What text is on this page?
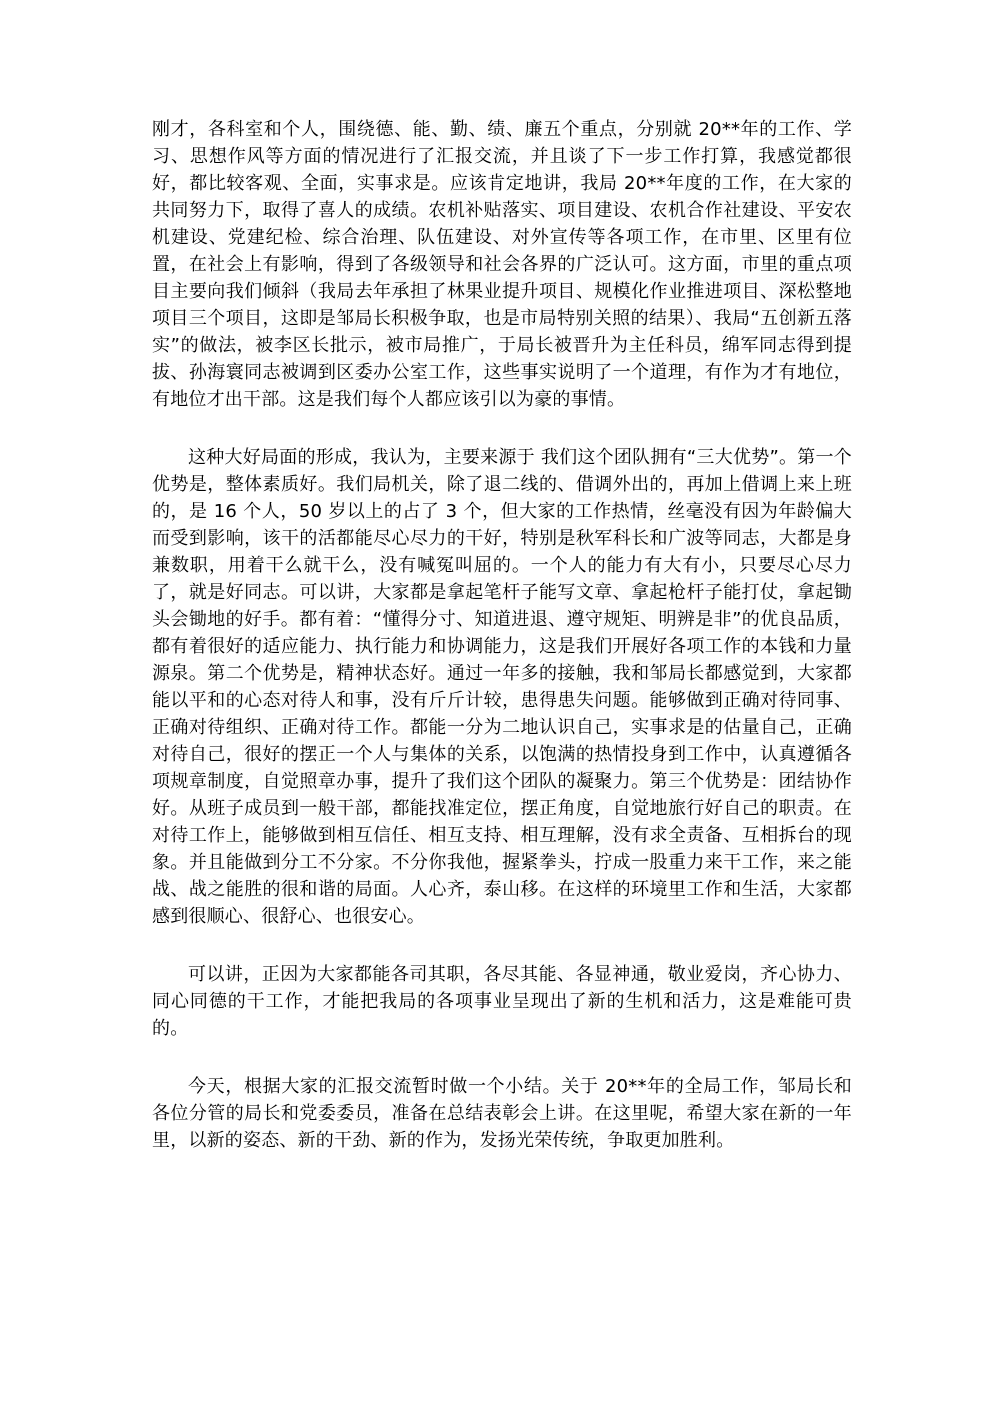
刚才，各科室和个人，围绕德、能、勤、绩、廉五个重点，分别就 20**年的工作、学习、思想作风等方面的情况进行了汇报交流，并且谈了下一步工作打算，我感觉都很好，都比较客观、全面，实事求是。应该肯定地讲，我局 20**年度的工作，在大家的共同努力下，取得了喜人的成绩。农机补贴落实、项目建设、农机合作社建设、平安农机建设、党建纪检、综合治理、队伍建设、对外宣传等各项工作，在市里、区里有位置，在社会上有影响，得到了各级领导和社会各界的广泛认可。这方面，市里的重点项目主要向我们倾斜（我局去年承担了林果业提升项目、规模化作业推进项目、深松整地项目三个项目，这即是邹局长积极争取，也是市局特别关照的结果）、我局“五创新五落实”的做法，被李区长批示，被市局推广，于局长被晋升为主任科员，绵军同志得到提拔、孙海寰同志被调到区委办公室工作，这些事实说明了一个道理，有作为才有地位，有地位才出干部。这是我们每个人都应该引以为豪的事情。

这种大好局面的形成，我认为，主要来源于 我们这个团队拥有“三大优势”。第一个优势是，整体素质好。我们局机关，除了退二线的、借调外出的，再加上借调上来上班的，是 16 个人，50 岁以上的占了 3 个，但大家的工作热情，丝毫没有因为年龄偏大而受到影响，该干的活都能尽心尽力的干好，特别是秋军科长和广波等同志，大都是身兼数职，用着干么就干么，没有喊冤叫屈的。一个人的能力有大有小，只要尽心尽力了，就是好同志。可以讲，大家都是拿起笔杆子能写文章、拿起枪杆子能打仗，拿起锄头会锄地的好手。都有着：“懂得分寸、知道进退、遵守规矩、明辨是非”的优良品质，都有着很好的适应能力、执行能力和协调能力，这是我们开展好各项工作的本钱和力量源泉。第二个优势是，精神状态好。通过一年多的接触，我和邹局长都感觉到，大家都能以平和的心态对待人和事，没有斤斤计较，患得患失问题。能够做到正确对待同事、正确对待组织、正确对待工作。都能一分为二地认识自己，实事求是的估量自己，正确对待自己，很好的摆正一个人与集体的关系，以饱满的热情投身到工作中，认真遵循各项规章制度，自觉照章办事，提升了我们这个团队的凝聚力。第三个优势是：团结协作好。从班子成员到一般干部，都能找准定位，摆正角度，自觉地旅行好自己的职责。在对待工作上，能够做到相互信任、相互支持、相互理解，没有求全责备、互相拆台的现象。并且能做到分工不分家。不分你我他，握紧拳头，拧成一股重力来干工作，来之能战、战之能胜的很和谐的局面。人心齐，泰山移。在这样的环境里工作和生活，大家都感到很顺心、很舒心、也很安心。

可以讲，正因为大家都能各司其职，各尽其能、各显神通，敬业爱岗，齐心协力、同心同德的干工作，才能把我局的各项事业呈现出了新的生机和活力，这是难能可贵的。

今天，根据大家的汇报交流暂时做一个小结。关于 20**年的全局工作，邹局长和各位分管的局长和党委委员，准备在总结表彰会上讲。在这里呢，希望大家在新的一年里，以新的姿态、新的干劲、新的作为，发扬光荣传统，争取更加胜利。
